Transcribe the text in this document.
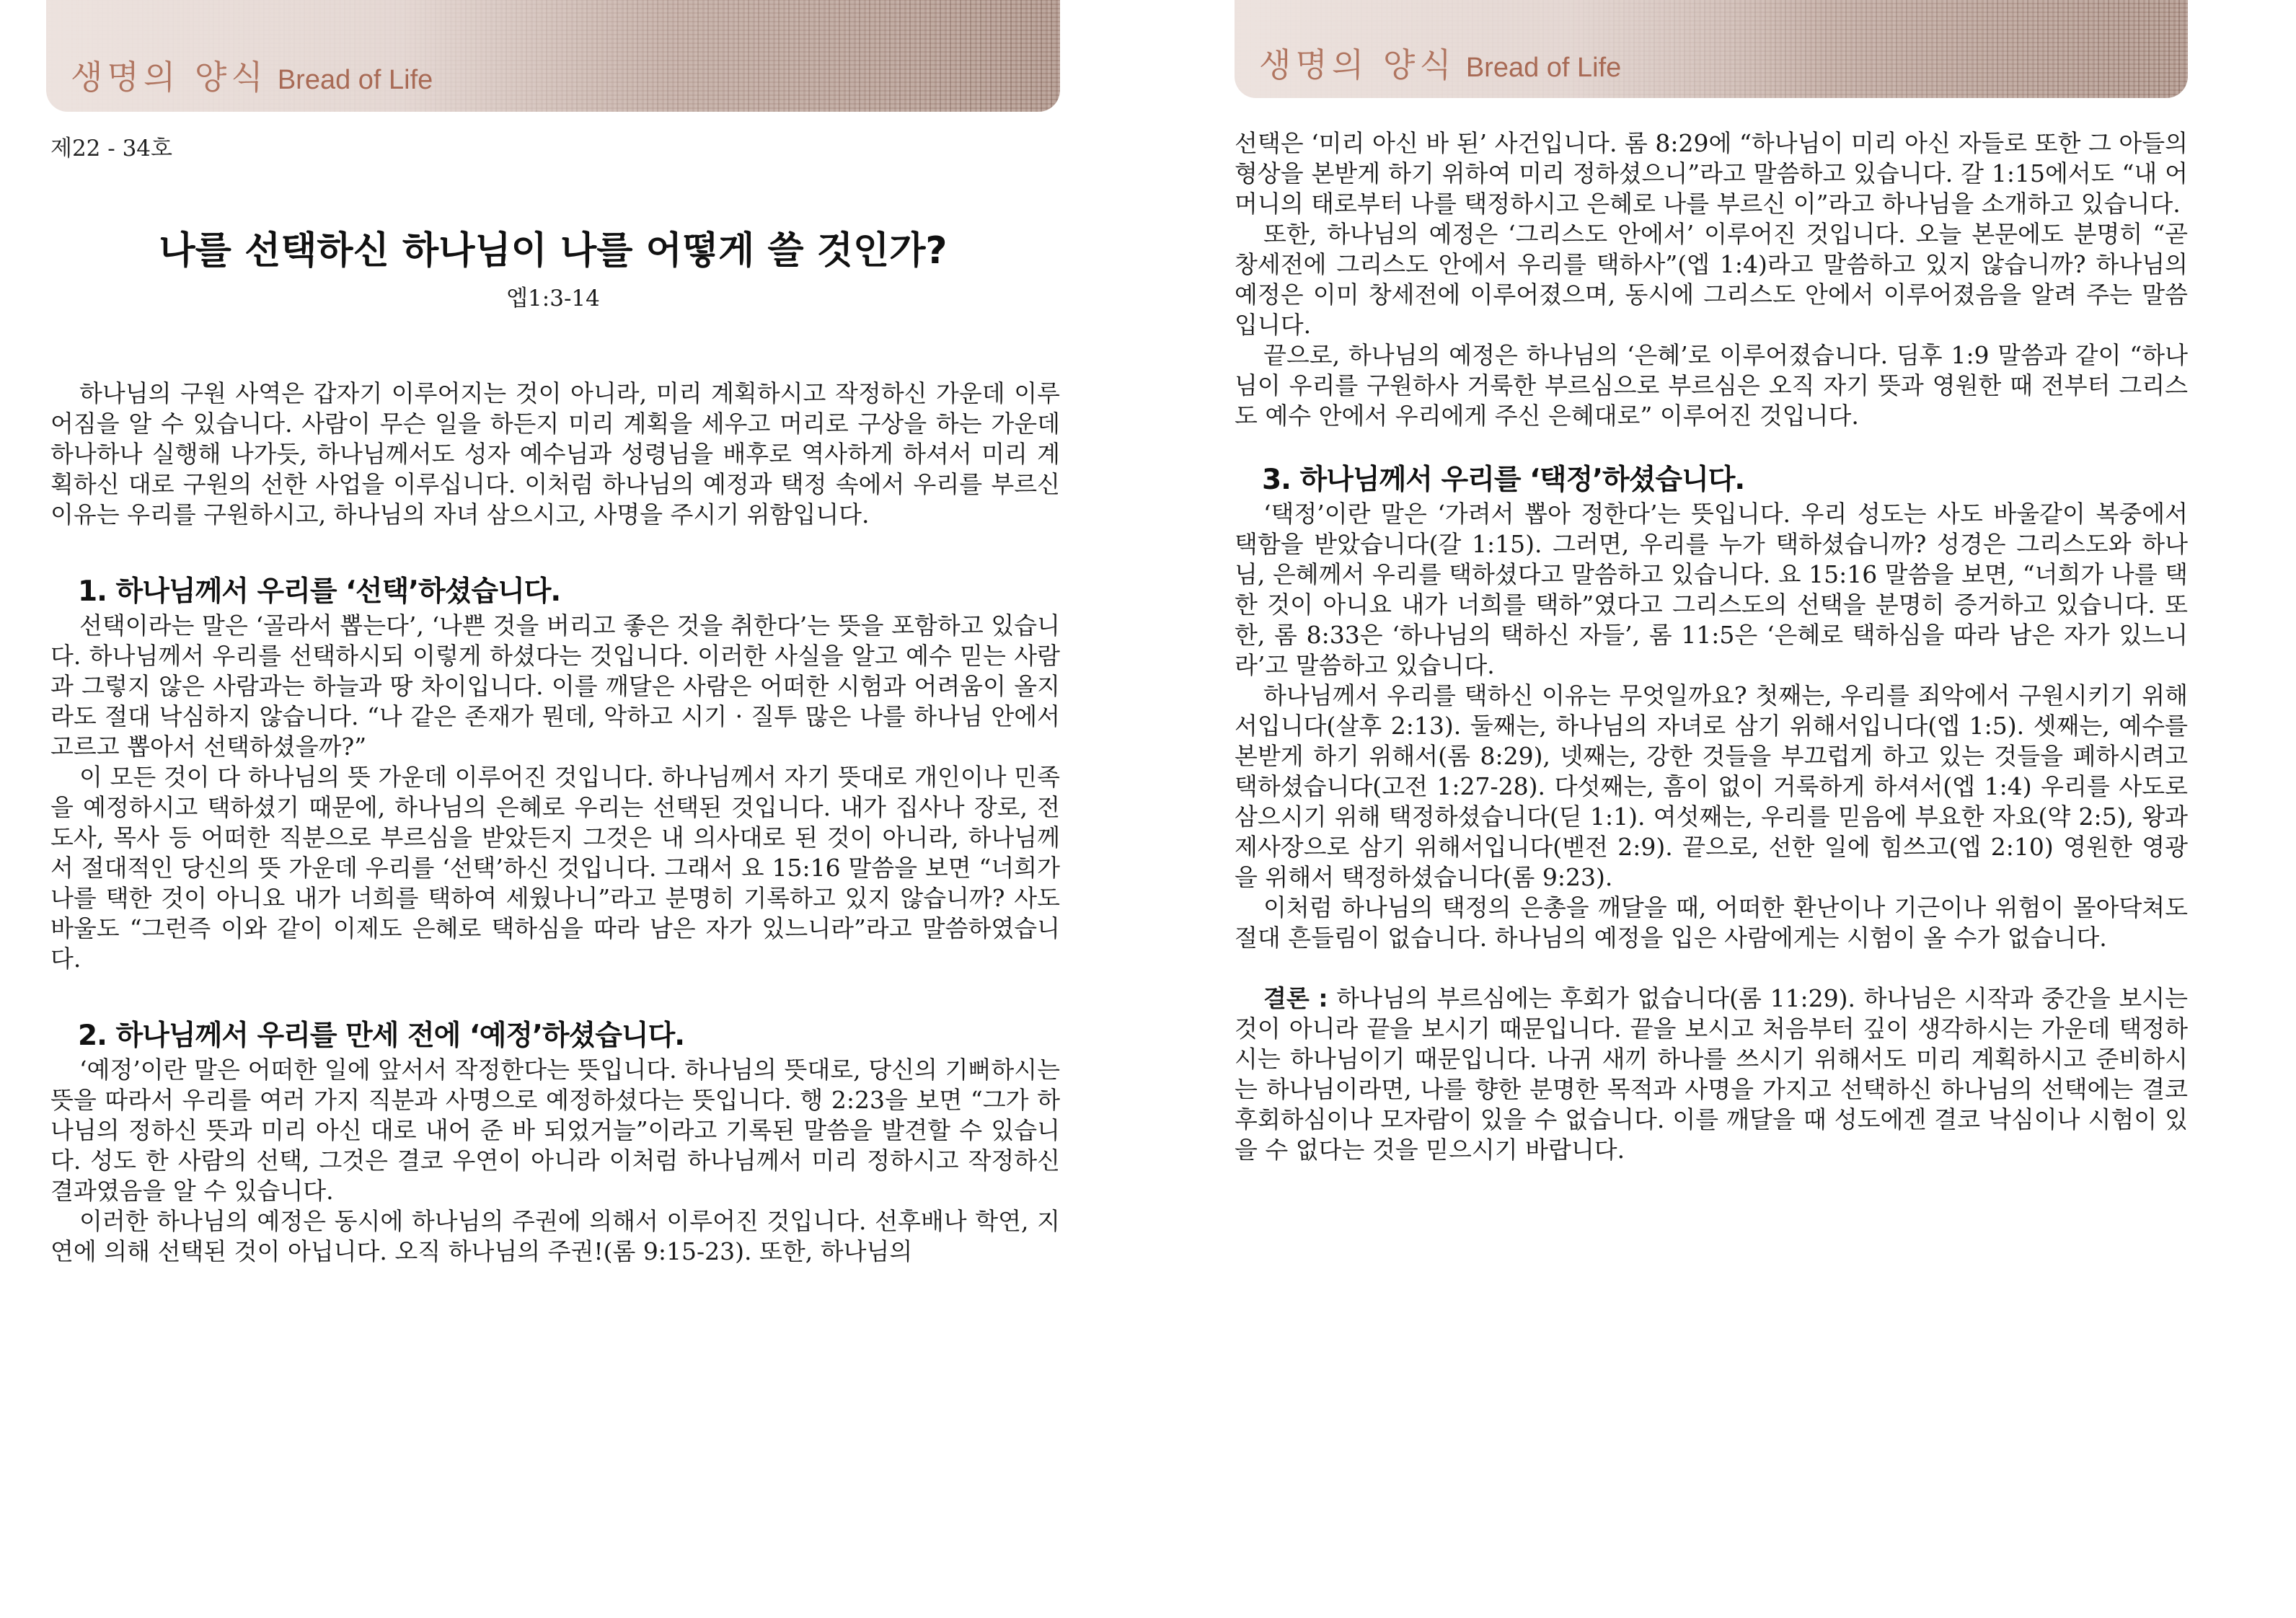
생명의 양식 Bread of Life
제22 - 34호
나를 선택하신 하나님이 나를 어떻게 쓸 것인가?
엡1:3-14

하나님의 구원 사역은 갑자기 이루어지는 것이 아니라, 미리 계획하시고 작정하신 가운데 이루어짐을 알 수 있습니다. 사람이 무슨 일을 하든지 미리 계획을 세우고 머리로 구상을 하는 가운데 하나하나 실행해 나가듯, 하나님께서도 성자 예수님과 성령님을 배후로 역사하게 하셔서 미리 계획하신 대로 구원의 선한 사업을 이루십니다. 이처럼 하나님의 예정과 택정 속에서 우리를 부르신 이유는 우리를 구원하시고, 하나님의 자녀 삼으시고, 사명을 주시기 위함입니다.

1. 하나님께서 우리를 ‘선택’하셨습니다.

선택이라는 말은 ‘골라서 뽑는다’, ‘나쁜 것을 버리고 좋은 것을 취한다’는 뜻을 포함하고 있습니다. 하나님께서 우리를 선택하시되 이렇게 하셨다는 것입니다. 이러한 사실을 알고 예수 믿는 사람과 그렇지 않은 사람과는 하늘과 땅 차이입니다. 이를 깨달은 사람은 어떠한 시험과 어려움이 올지라도 절대 낙심하지 않습니다. “나 같은 존재가 뭔데, 악하고 시기 · 질투 많은 나를 하나님 안에서 고르고 뽑아서 선택하셨을까?”

이 모든 것이 다 하나님의 뜻 가운데 이루어진 것입니다. 하나님께서 자기 뜻대로 개인이나 민족을 예정하시고 택하셨기 때문에, 하나님의 은혜로 우리는 선택된 것입니다. 내가 집사나 장로, 전도사, 목사 등 어떠한 직분으로 부르심을 받았든지 그것은 내 의사대로 된 것이 아니라, 하나님께서 절대적인 당신의 뜻 가운데 우리를 ‘선택’하신 것입니다. 그래서 요 15:16 말씀을 보면 “너희가 나를 택한 것이 아니요 내가 너희를 택하여 세웠나니”라고 분명히 기록하고 있지 않습니까? 사도 바울도 “그런즉 이와 같이 이제도 은혜로 택하심을 따라 남은 자가 있느니라”라고 말씀하였습니다.

2. 하나님께서 우리를 만세 전에 ‘예정’하셨습니다.

‘예정’이란 말은 어떠한 일에 앞서서 작정한다는 뜻입니다. 하나님의 뜻대로, 당신의 기뻐하시는 뜻을 따라서 우리를 여러 가지 직분과 사명으로 예정하셨다는 뜻입니다. 행 2:23을 보면 “그가 하나님의 정하신 뜻과 미리 아신 대로 내어 준 바 되었거늘”이라고 기록된 말씀을 발견할 수 있습니다. 성도 한 사람의 선택, 그것은 결코 우연이 아니라 이처럼 하나님께서 미리 정하시고 작정하신 결과였음을 알 수 있습니다.

이러한 하나님의 예정은 동시에 하나님의 주권에 의해서 이루어진 것입니다. 선후배나 학연, 지연에 의해 선택된 것이 아닙니다. 오직 하나님의 주권!(롬 9:15-23). 또한, 하나님의

생명의 양식 Bread of Life

선택은 ‘미리 아신 바 된’ 사건입니다. 롬 8:29에 “하나님이 미리 아신 자들로 또한 그 아들의 형상을 본받게 하기 위하여 미리 정하셨으니”라고 말씀하고 있습니다. 갈 1:15에서도 “내 어머니의 태로부터 나를 택정하시고 은혜로 나를 부르신 이”라고 하나님을 소개하고 있습니다.

또한, 하나님의 예정은 ‘그리스도 안에서’ 이루어진 것입니다. 오늘 본문에도 분명히 “곧 창세전에 그리스도 안에서 우리를 택하사”(엡 1:4)라고 말씀하고 있지 않습니까? 하나님의 예정은 이미 창세전에 이루어졌으며, 동시에 그리스도 안에서 이루어졌음을 알려 주는 말씀입니다.

끝으로, 하나님의 예정은 하나님의 ‘은혜’로 이루어졌습니다. 딤후 1:9 말씀과 같이 “하나님이 우리를 구원하사 거룩한 부르심으로 부르심은 오직 자기 뜻과 영원한 때 전부터 그리스도 예수 안에서 우리에게 주신 은혜대로” 이루어진 것입니다.

3. 하나님께서 우리를 ‘택정’하셨습니다.

‘택정’이란 말은 ‘가려서 뽑아 정한다’는 뜻입니다. 우리 성도는 사도 바울같이 복중에서 택함을 받았습니다(갈 1:15). 그러면, 우리를 누가 택하셨습니까? 성경은 그리스도와 하나님, 은혜께서 우리를 택하셨다고 말씀하고 있습니다. 요 15:16 말씀을 보면, “너희가 나를 택한 것이 아니요 내가 너희를 택하”였다고 그리스도의 선택을 분명히 증거하고 있습니다. 또한, 롬 8:33은 ‘하나님의 택하신 자들’, 롬 11:5은 ‘은혜로 택하심을 따라 남은 자가 있느니라’고 말씀하고 있습니다.

하나님께서 우리를 택하신 이유는 무엇일까요? 첫째는, 우리를 죄악에서 구원시키기 위해서입니다(살후 2:13). 둘째는, 하나님의 자녀로 삼기 위해서입니다(엡 1:5). 셋째는, 예수를 본받게 하기 위해서(롬 8:29), 넷째는, 강한 것들을 부끄럽게 하고 있는 것들을 폐하시려고 택하셨습니다(고전 1:27-28). 다섯째는, 흠이 없이 거룩하게 하셔서(엡 1:4) 우리를 사도로 삼으시기 위해 택정하셨습니다(딛 1:1). 여섯째는, 우리를 믿음에 부요한 자요(약 2:5), 왕과 제사장으로 삼기 위해서입니다(벧전 2:9). 끝으로, 선한 일에 힘쓰고(엡 2:10) 영원한 영광을 위해서 택정하셨습니다(롬 9:23).

이처럼 하나님의 택정의 은총을 깨달을 때, 어떠한 환난이나 기근이나 위험이 몰아닥쳐도 절대 흔들림이 없습니다. 하나님의 예정을 입은 사람에게는 시험이 올 수가 없습니다.

결론 : 하나님의 부르심에는 후회가 없습니다(롬 11:29). 하나님은 시작과 중간을 보시는 것이 아니라 끝을 보시기 때문입니다. 끝을 보시고 처음부터 깊이 생각하시는 가운데 택정하시는 하나님이기 때문입니다. 나귀 새끼 하나를 쓰시기 위해서도 미리 계획하시고 준비하시는 하나님이라면, 나를 향한 분명한 목적과 사명을 가지고 선택하신 하나님의 선택에는 결코 후회하심이나 모자람이 있을 수 없습니다. 이를 깨달을 때 성도에겐 결코 낙심이나 시험이 있을 수 없다는 것을 믿으시기 바랍니다.
